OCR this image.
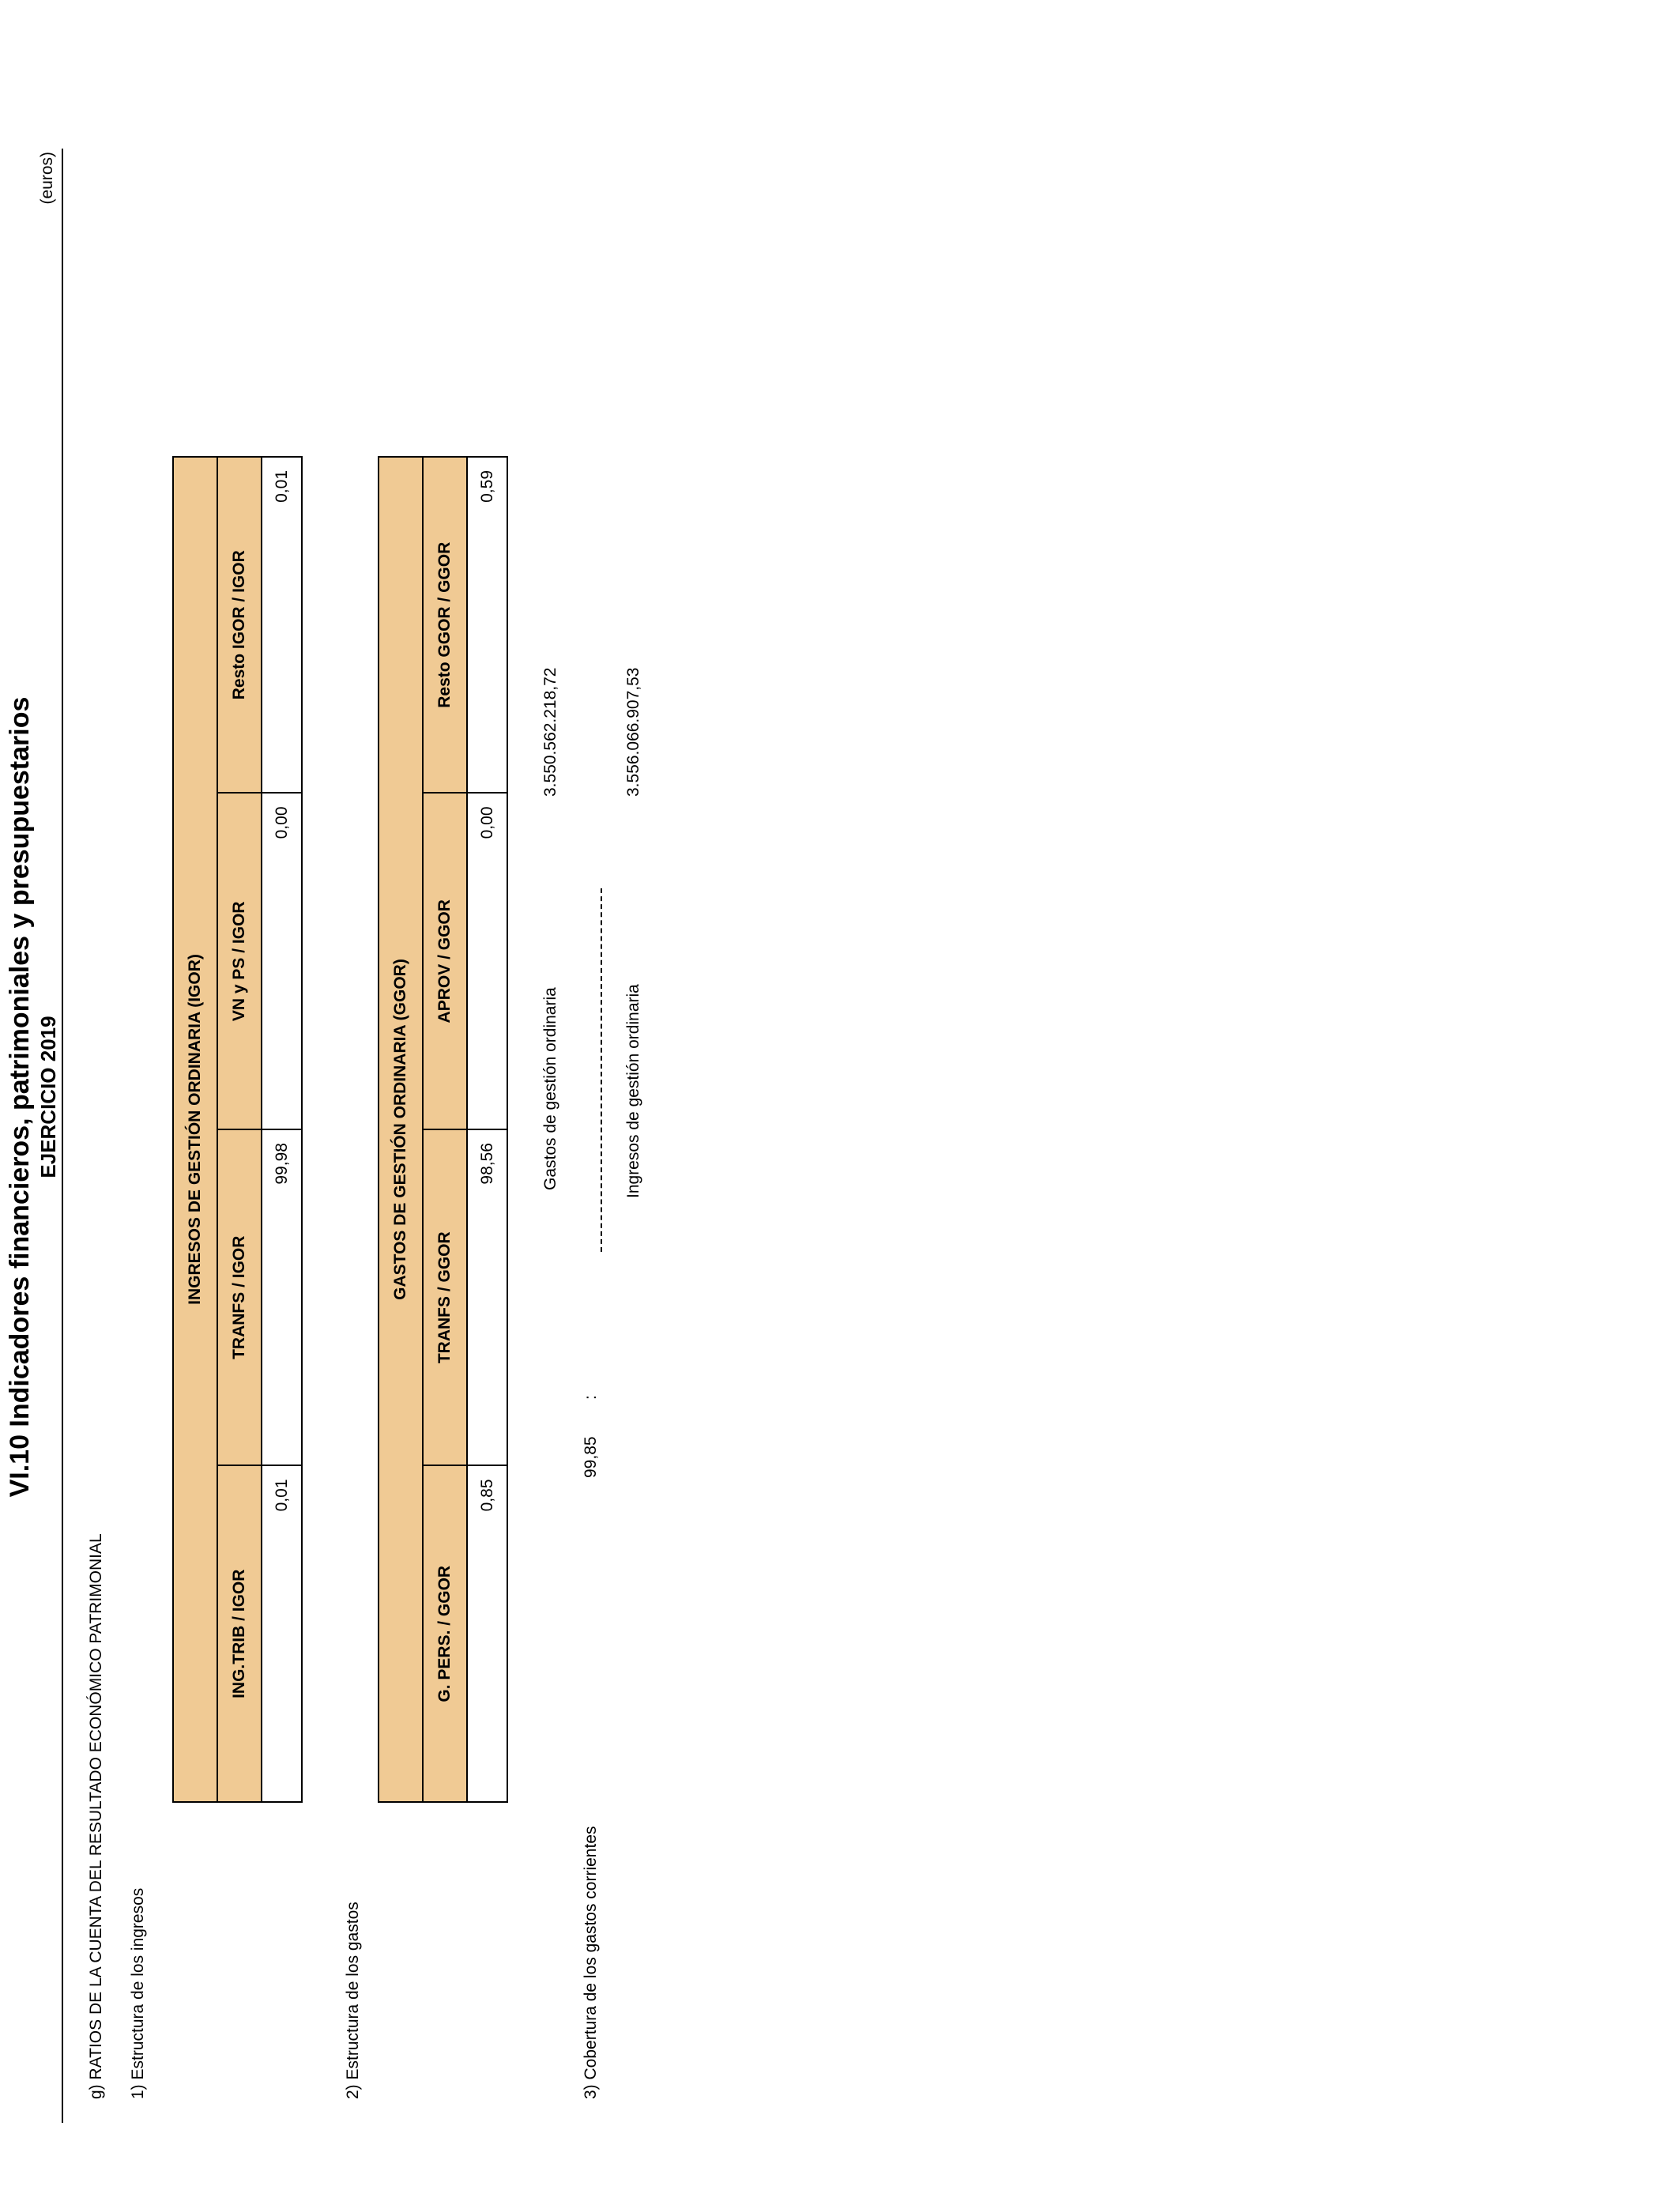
VI.10 Indicadores financieros, patrimoniales y presupuestarios EJERCICIO 2019
(euros)
g) RATIOS DE LA CUENTA DEL RESULTADO ECONÓMICO PATRIMONIAL 1) Estructura de los ingresos
INGRESOS DE GESTIÓN ORDINARIA (IGOR)			
ING.TRIB / IGOR	TRANFS / IGOR	VN y PS / IGOR	Resto IGOR / IGOR
0,01	99,98	0,00	0,01
2) Estructura de los gastos
GASTOS DE GESTIÓN ORDINARIA (GGOR)			
G. PERS. / GGOR	TRANFS / GGOR	APROV / GGOR	Resto GGOR / GGOR
0,85	98,56	0,00	0,59
3) Cobertura de los gastos corrientes
99,85
:
Gastos de gestión ordinaria
3.550.562.218,72
Ingresos de gestión ordinaria
3.556.066.907,53
